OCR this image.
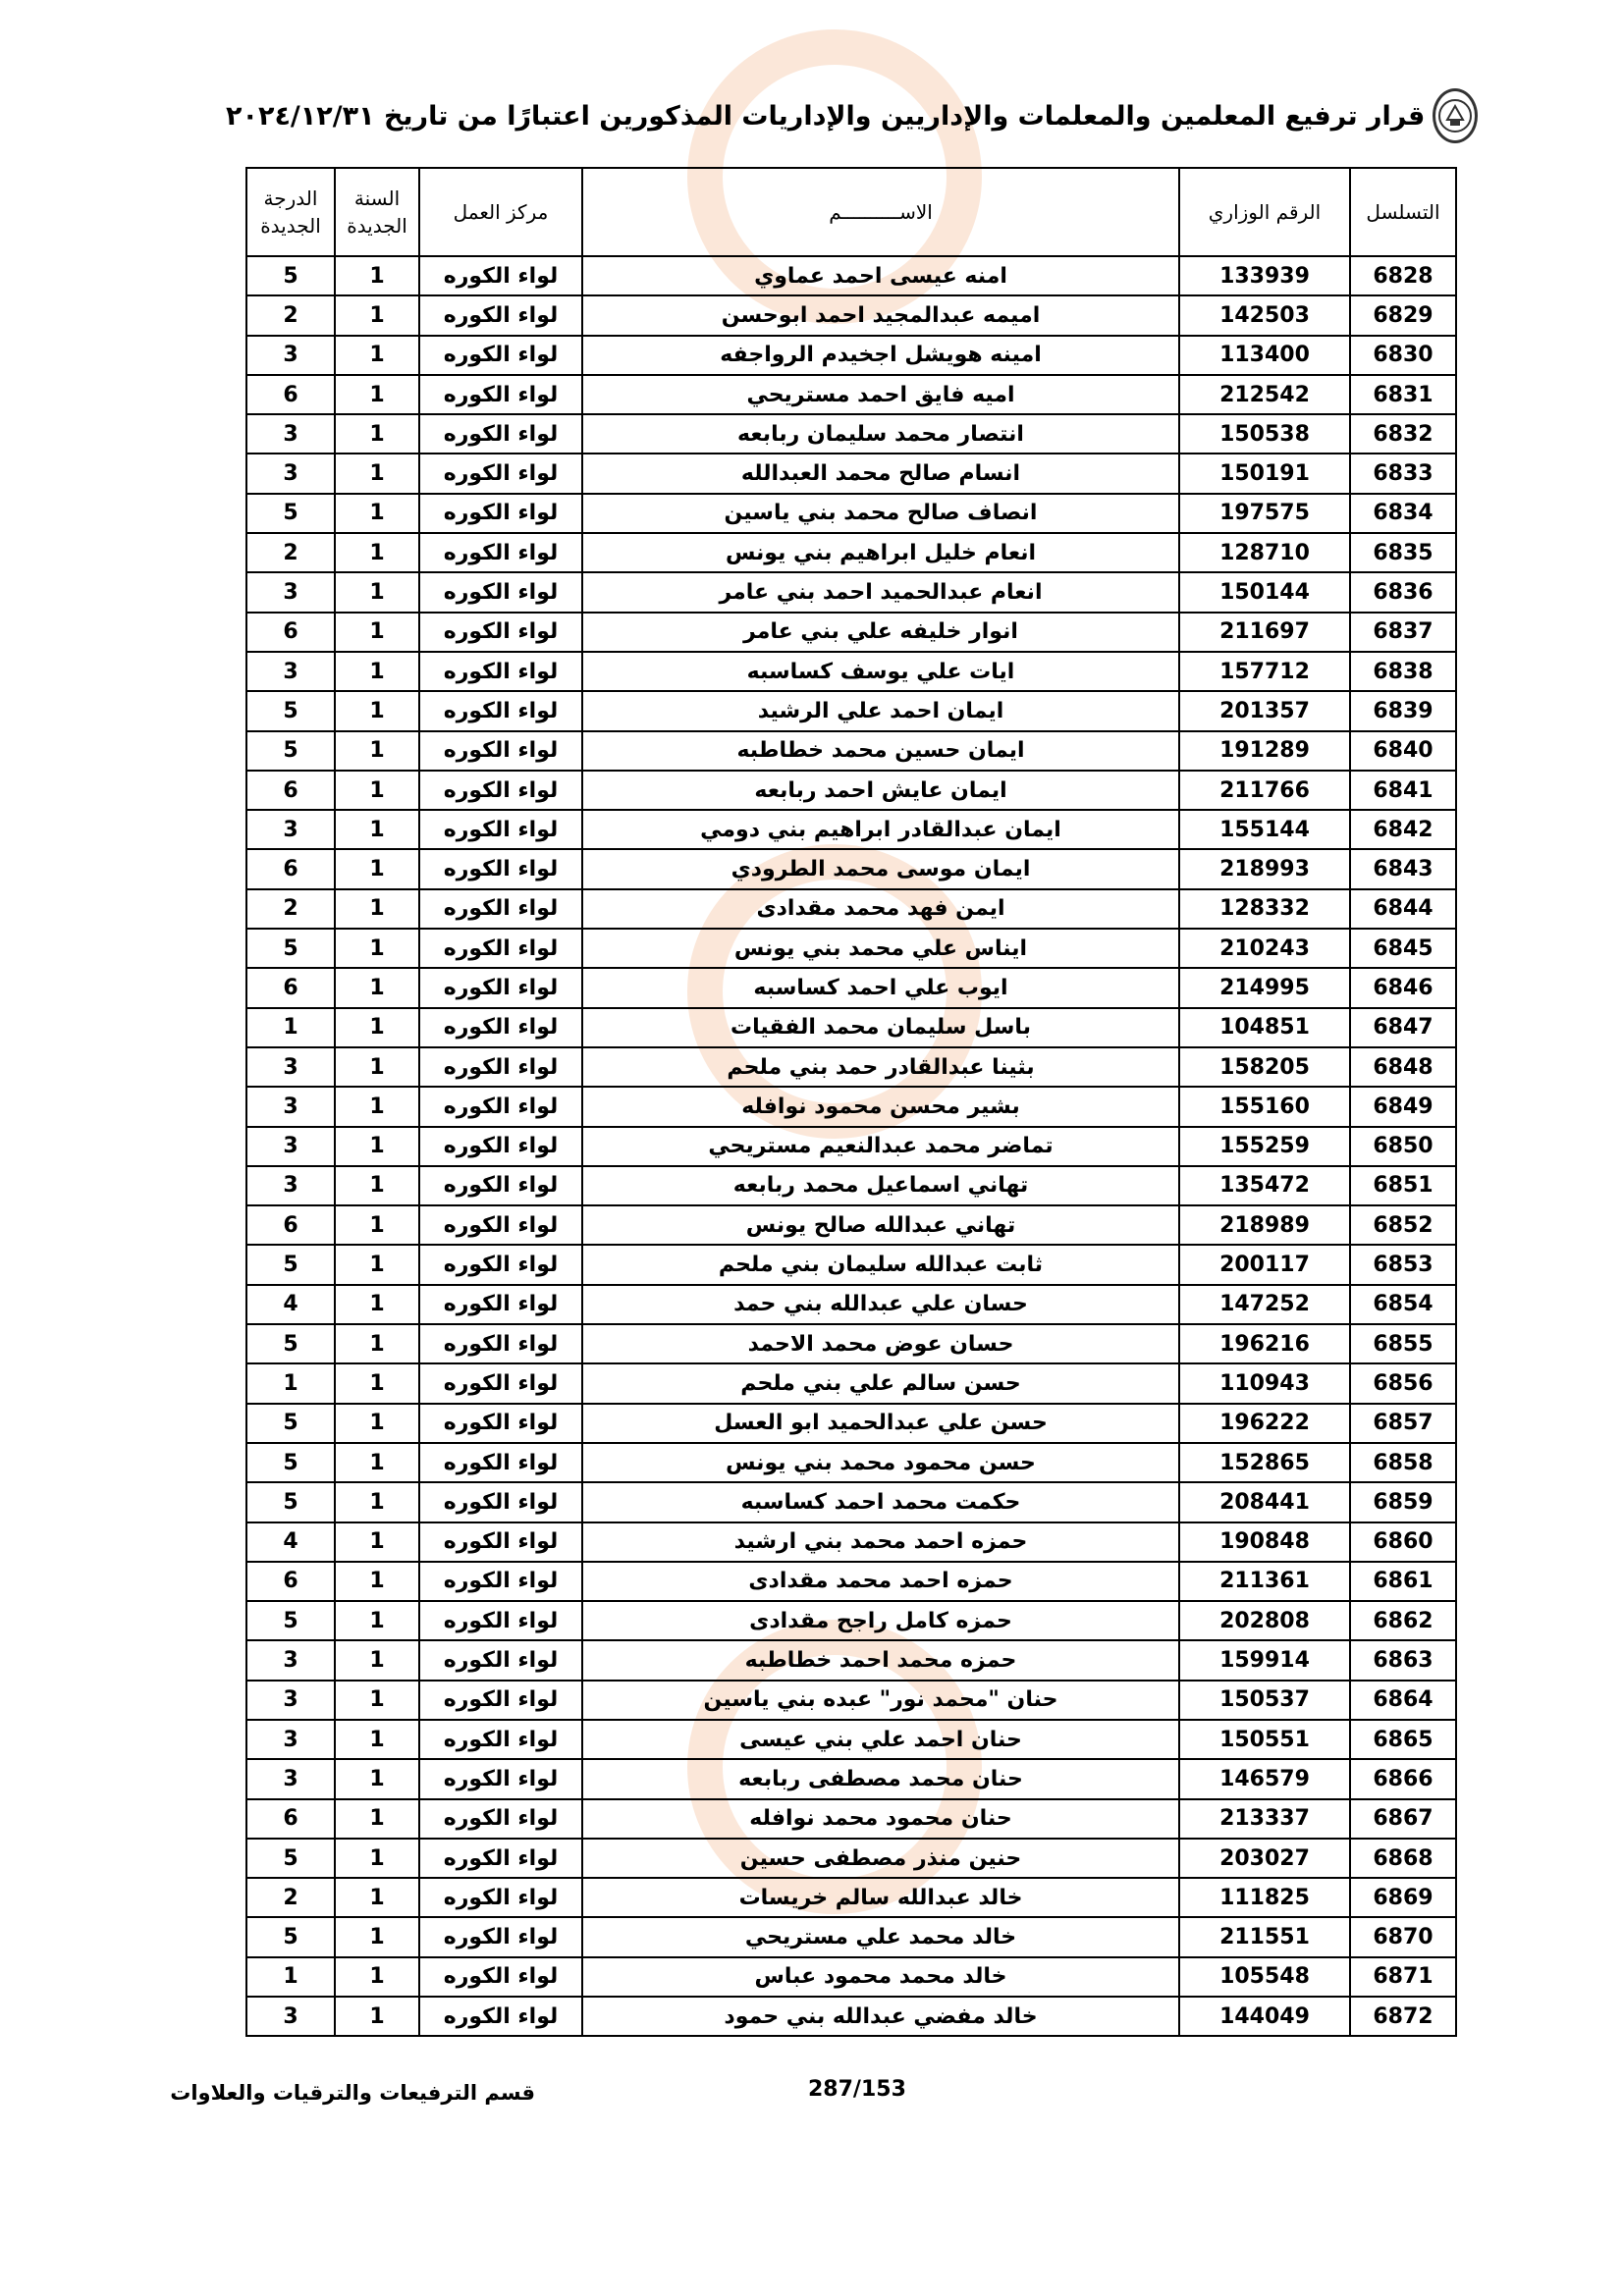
قرار ترفيع المعلمين والمعلمات والإداريين والإداريات المذكورين اعتبارًا من تاريخ ٢٠٢٤/١٢/٣١
التسلسل	الرقم الوزاري	الاســــــــــم	مركز العمل	السنة الجديدة	الدرجة الجديدة
6828	133939	امنه عيسى احمد عماوي	لواء الكوره	1	5
6829	142503	اميمه عبدالمجيد احمد ابوحسن	لواء الكوره	1	2
6830	113400	امينه هويشل اجخيدم الرواجفه	لواء الكوره	1	3
6831	212542	اميه فايق احمد مستريحي	لواء الكوره	1	6
6832	150538	انتصار محمد سليمان ربابعه	لواء الكوره	1	3
6833	150191	انسام صالح محمد العبدالله	لواء الكوره	1	3
6834	197575	انصاف صالح محمد بني ياسين	لواء الكوره	1	5
6835	128710	انعام خليل ابراهيم بني يونس	لواء الكوره	1	2
6836	150144	انعام عبدالحميد احمد بني عامر	لواء الكوره	1	3
6837	211697	انوار خليفه علي بني عامر	لواء الكوره	1	6
6838	157712	ايات علي يوسف كساسبه	لواء الكوره	1	3
6839	201357	ايمان احمد علي الرشيد	لواء الكوره	1	5
6840	191289	ايمان حسين محمد خطاطبه	لواء الكوره	1	5
6841	211766	ايمان عايش احمد ربابعه	لواء الكوره	1	6
6842	155144	ايمان عبدالقادر ابراهيم بني دومي	لواء الكوره	1	3
6843	218993	ايمان موسى محمد الطرودي	لواء الكوره	1	6
6844	128332	ايمن فهد محمد مقدادى	لواء الكوره	1	2
6845	210243	ايناس علي محمد بني يونس	لواء الكوره	1	5
6846	214995	ايوب علي احمد كساسبه	لواء الكوره	1	6
6847	104851	باسل سليمان محمد الفقيات	لواء الكوره	1	1
6848	158205	بثينا عبدالقادر حمد بني ملحم	لواء الكوره	1	3
6849	155160	بشير محسن محمود نوافله	لواء الكوره	1	3
6850	155259	تماضر محمد عبدالنعيم مستريحي	لواء الكوره	1	3
6851	135472	تهاني اسماعيل محمد ربابعه	لواء الكوره	1	3
6852	218989	تهاني عبدالله صالح يونس	لواء الكوره	1	6
6853	200117	ثابت عبدالله سليمان بني ملحم	لواء الكوره	1	5
6854	147252	حسان علي عبدالله بني حمد	لواء الكوره	1	4
6855	196216	حسان عوض محمد الاحمد	لواء الكوره	1	5
6856	110943	حسن سالم علي بني ملحم	لواء الكوره	1	1
6857	196222	حسن علي عبدالحميد ابو العسل	لواء الكوره	1	5
6858	152865	حسن محمود محمد بني يونس	لواء الكوره	1	5
6859	208441	حكمت محمد احمد كساسبه	لواء الكوره	1	5
6860	190848	حمزه احمد محمد بني ارشيد	لواء الكوره	1	4
6861	211361	حمزه احمد محمد مقدادى	لواء الكوره	1	6
6862	202808	حمزه كامل راجح مقدادى	لواء الكوره	1	5
6863	159914	حمزه محمد احمد خطاطبه	لواء الكوره	1	3
6864	150537	حنان "محمد نور" عبده بني ياسين	لواء الكوره	1	3
6865	150551	حنان احمد علي بني عيسى	لواء الكوره	1	3
6866	146579	حنان محمد مصطفى ربابعه	لواء الكوره	1	3
6867	213337	حنان محمود محمد نوافله	لواء الكوره	1	6
6868	203027	حنين منذر مصطفى حسين	لواء الكوره	1	5
6869	111825	خالد عبدالله سالم خريسات	لواء الكوره	1	2
6870	211551	خالد محمد علي مستريحي	لواء الكوره	1	5
6871	105548	خالد محمد محمود عباس	لواء الكوره	1	1
6872	144049	خالد مفضي عبدالله بني حمود	لواء الكوره	1	3
287/153
قسم الترفيعات والترقيات والعلاوات
